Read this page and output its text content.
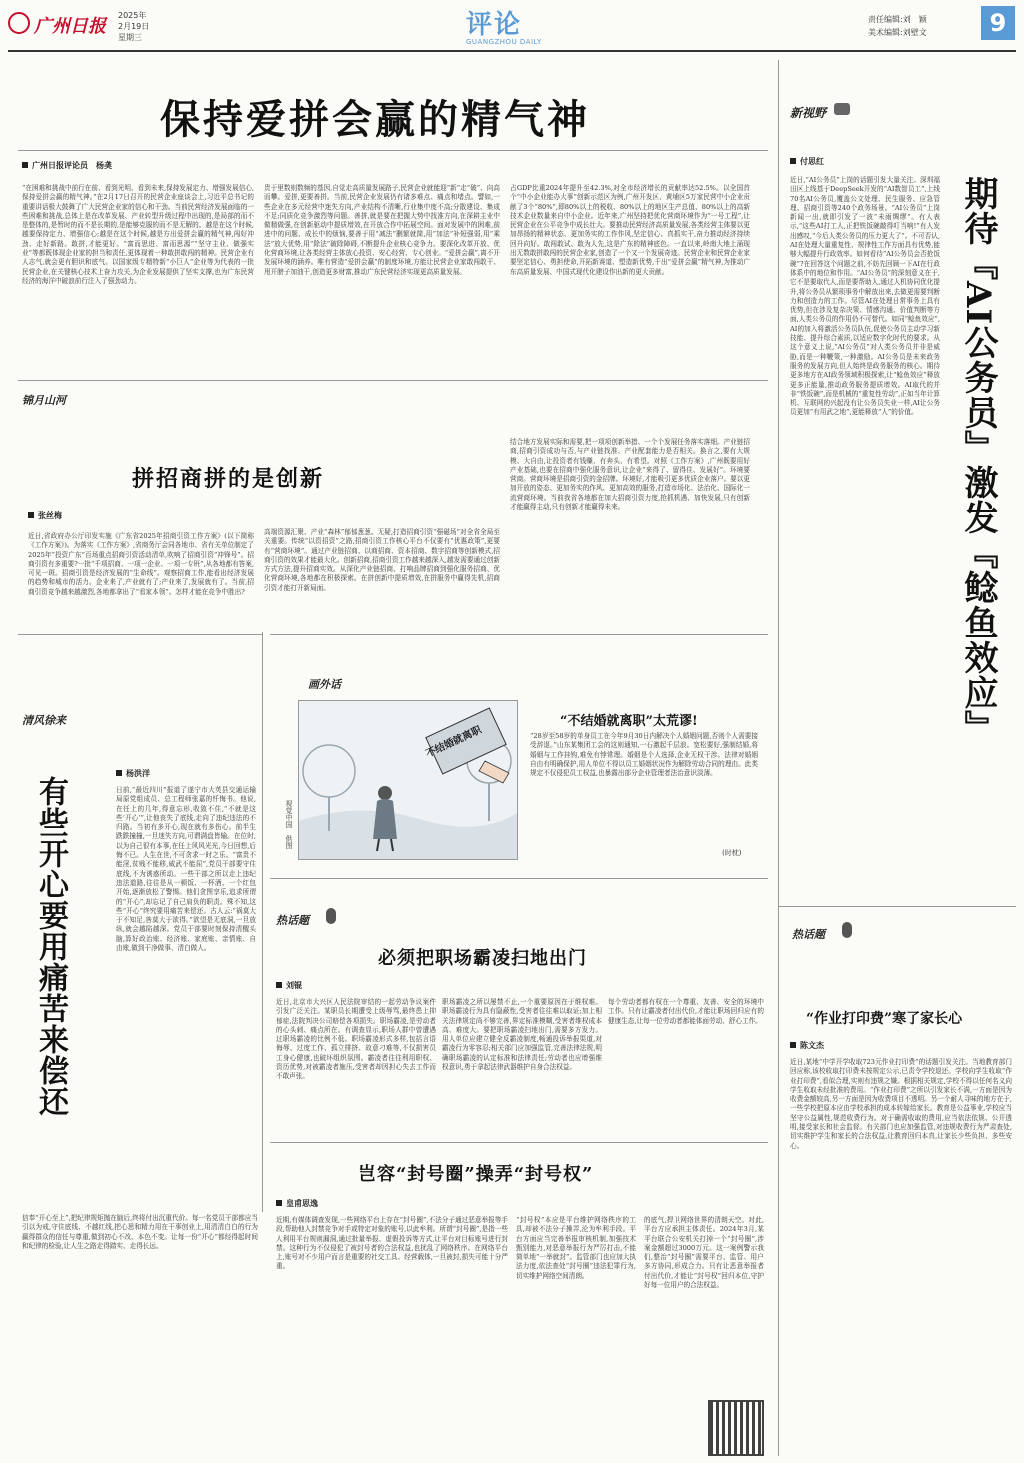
广州日报
2025年
2月19日
星期三	评论
GUANGZHOU DAILY
责任编辑:刘　颖
美术编辑:刘壁文	9
保持爱拼会赢的精气神
广州日报评论员　杨䶮
“在困难和挑战中前行在前、看到光明、看到未来,保持发展定力、增强发展信心,保持爱拼会赢的精气神。”在2月17日召开的民营企业座谈会上,习近平总书记的重要讲话极大鼓舞了广大民营企业家的信心和干劲。当前民营经济发展面临的一些困难和挑战,总体上是在改革发展、产业转型升级过程中出现的,是局部的而不是整体的,是暂时的而不是长期的,是能够克服的而不是无解的。越是在这个时候,越要保持定力、增强信心;越是在这个时候,越是方出爱拼会赢的精气神,闯好冲劲、走好新路。敢拼,才能更好。“富而思进、富而思源”“坚守主业、做强实业”等都既体现企业家的担当和责任,更体现着一种敢拼敢闯的精神。民营企业有人志气,就会更有胆识和底气。以国家级专精特新“小巨人”企业等为代表的一批民营企业,在关键核心技术上奋力攻关,为企业发展提供了坚实支撑,也为广东民营经济的海洋中破浪前行注入了强劲动力。
贵于里数则数频的基因,自觉走高质量发展路子,民营企业就能迎“新”走“破”、向高而攀。爱拼,更要善拼。当前,民营企业发展仍有诸多难点、痛点和堵点。譬如,一些企业在多元经营中迷失方向,产业结构不清晰,行业集中度不高;分散建设、集成不足;同质化竞争激烈等问题。善拼,就是要在把握大势中找准方向,在深耕主业中做精做强,在创新驱动中提质增效,在开放合作中拓展空间。面对发展中的困难,前进中的问题、成长中的烦恼,要善于用“减法”删繁就简,用“加法”补短强弱,用“乘法”放大优势,用“除法”破除障碍,不断提升企业核心竞争力。要深化改革开放、优化营商环境,让各类经营主体放心投资、安心经营、专心创业。“爱拼会赢”,离不开发展环境的涵养。唯有营造“爱拼会赢”的制度环境,方能让民营企业家敢闯敢干、甩开膀子加油干,创造更多财富,推动广东民营经济实现更高质量发展。
占GDP比重2024年提升至42.3%,对全市经济增长的贡献率达52.5%。以全国首个“中小企业能办大事”创新示范区为例,广州开发区、黄埔区5万家民营中小企业贡献了3个“80%”,即80%以上的税收、80%以上的地区生产总值、80%以上的高新技术企业数量来自中小企业。近年来,广州坚持把优化营商环境作为“一号工程”,让民营企业在公平竞争中成长壮大。要推动民营经济高质量发展,各类经营主体要以更加昂扬的精神状态、更加务实的工作作风,坚定信心、真抓实干,奋力推动经济持续回升向好。敢闯敢试、敢为人先,这是广东的精神底色。一直以来,岭南大地上涌现出无数敢拼敢闯的民营企业家,创造了一个又一个发展奇迹。民营企业和民营企业家要坚定信心、勇担使命,开拓新赛道、塑造新优势,千出“爱拼会赢”精气神,为推动广东高质量发展、中国式现代化建设作出新的更大贡献。
新视野
付思红
近日,“AI公务员”上岗的话题引发大量关注。深圳福田区上线基于DeepSeek开发的“AI数智员工”,上线70名AI公务员,覆盖公文处理、民生服务、应急管理、招商引资等240个政务场景。“AI公务员”上岗新闻一出,就即引发了一波“未雨绸缪”。有人表示,“这些AI打工人,正把铁饭碗敲得叮当响!”有人发出感叹,“今后人类公务员的压力更大了”。不可否认,AI在处理大量重复性、规律性工作方面具有优势,能够大幅提升行政效率。如何看待“AI公务员会否抢饭碗”?在回答这个问题之前,不妨先回顾一下AI在行政体系中的地位和作用。“AI公务员”的深刻意义在于,它不是要取代人,而是要帮助人,通过人机协同优化提升,将公务员从繁琐事务中解放出来,去做更需要判断力和创造力的工作。尽管AI在处理日常事务上具有优势,但在涉及复杂决策、情感沟通、价值判断等方面,人类公务员的作用仍不可替代。如同“鲶鱼效应”,AI的加入将激活公务员队伍,促使公务员主动学习新技能、提升综合素质,以适应数字化时代的要求。从这个意义上说,“AI公务员”对人类公务员并非是威胁,而是一种鞭策,一种激励。AI公务员是未来政务服务的发展方向,但人始终是政务服务的核心。期待更多地方在AI政务领域积极探索,让“鲶鱼效应”释放更多正能量,推动政务服务提质增效。AI取代的并非“铁饭碗”,而是机械的“重复性劳动”,正如当年计算机、互联网的兴起没有让公务员失业一样,AI让公务员更加“有用武之地”,更能释放“人”的价值。	期待『AI公务员』激发『鲶鱼效应』
锦月山河
拼招商拼的是创新
张丝梅
近日,省政府办公厅印发实施《广东省2025年招商引资工作方案》(以下简称《工作方案》)。为落实《工作方案》,省商务厅会同各地市、省有关单位制定了2025年“投资广东”百场重点招商引资活动清单,吹响了招商引资“冲锋号”。招商引资有多重要?一批“千项招商、一项一企业、一项一专班”,从各地都有答案,可见一斑。招商引资是经济发展的“生命线”。观察招商工作,能看出经济发展的趋势和城市的活力。企业来了,产业就有了;产业来了,发展就有了。当前,招商引资竞争越来越激烈,各地都拿出了“看家本领”。怎样才能在竞争中胜出?
高端资源汇聚、产业“森林”郁郁葱葱。无疑,打造招商引资“强磁场”对全省全局至关重要。传统“以资招资”之路,招商引资工作核心平台不仅要有“优惠政策”,更要有“营商环境”。通过产业链招商、以商招商、资本招商、数字招商等创新模式,招商引资的效果才能最大化。创新招商,招商引资工作越来越深入,越发需要通过创新方式方法,提升招商实效。从深化产业链招商、打响品牌招商到强化服务招商、优化营商环境,各地都在积极探索。在拼创新中提质增效,在拼服务中赢得先机,招商引资才能打开新局面。
结合地方发展实际和需要,把一项项创新举措、一个个发展任务落实落细。产业链招商,招商引资成功与否,与产业链找准、产业配套能力是否相关。换言之,要有大规模、大自由,让投资者有钱赚、有奔头、有希望。对照《工作方案》,广州既要用好产业基础,也要在招商中强化服务意识,让企业“来得了、留得住、发展好”。环境要营商。营商环境是招商引资的金招牌。环境好,才能吸引更多优质企业落户。要以更加开放的姿态、更加务实的作风、更加高效的服务,打造市场化、法治化、国际化一流营商环境。当前我省各地都在加大招商引资力度,抢抓机遇、加快发展,只有创新才能赢得主动,只有创新才能赢得未来。
画外话
不结婚就离职
视觉中国　供图
“不结婚就离职”太荒谬!
“28岁至58岁的单身员工在今年9月30日内解决个人婚姻问题,否则个人需要接受辞退。”山东某集团工会的这则通知,一石激起千层浪。宽松要好,强制结婚,将婚姻与工作挂钩,难免有悖常理。婚姻是个人选择,企业无权干涉。法律对婚姻自由有明确保护,用人单位不得以员工婚姻状况作为解除劳动合同的理由。此类规定不仅侵犯员工权益,也暴露出部分企业管理者法治意识淡薄。
(时枕)
热话题
必须把职场霸凌扫地出门
刘锟
近日,北京市大兴区人民法院审结的一起劳动争议案件引发广泛关注。某职员长期遭受上级辱骂,最终患上抑郁症,法院判决公司赔偿各项损失。职场霸凌,是劳动者的心头刺、痛点所在。有调查显示,职场人群中曾遭遇过职场霸凌的比例不低。职场霸凌形式多样,包括言语侮辱、过度工作、孤立排挤、故意刁难等,不仅损害员工身心健康,也破坏组织氛围。霸凌者往往利用职权、资历优势,对被霸凌者施压,受害者却因担心失去工作而不敢声张。
职场霸凌之所以屡禁不止,一个重要原因在于维权难。职场霸凌行为具有隐蔽性,受害者往往难以取证;加上相关法律规定尚不够完善,界定标准模糊,受害者维权成本高、难度大。要把职场霸凌扫地出门,需要多方发力。用人单位应建立健全反霸凌制度,畅通投诉举报渠道,对霸凌行为零容忍;相关部门应加强监管,完善法律法规,明确职场霸凌的认定标准和法律责任;劳动者也应增强维权意识,勇于拿起法律武器维护自身合法权益。
每个劳动者都有权在一个尊重、友善、安全的环境中工作。只有让霸凌者付出代价,才能让职场回归应有的健康生态,让每一位劳动者都能体面劳动、舒心工作。
岂容“封号圈”操弄“封号权”
皇甫思逸
近期,有媒体调查发现,一些网络平台上存在“封号圈”,不法分子通过恶意举报等手段,帮助他人封禁竞争对手或特定对象的账号,以此牟利。所谓“封号圈”,是指一些人利用平台规则漏洞,通过批量举报、虚假投诉等方式,让平台对目标账号进行封禁。这种行为不仅侵犯了被封号者的合法权益,也扰乱了网络秩序。在网络平台上,账号对不少用户而言是重要的社交工具、经营载体,一旦被封,损失可能十分严重。
“封号权”本应是平台维护网络秩序的工具,却被不法分子操弄,沦为牟利手段。平台方面应当完善举报审核机制,加强技术甄别能力,对恶意举报行为严厉打击,不能简单地“一举就封”。监管部门也应加大执法力度,依法查处“封号圈”违法犯罪行为,切实维护网络空间清朗。
的底气,捍卫网络世界的清朗天空。对此,平台方应承担主体责任。2024年3月,某平台联合公安机关打掉一个“封号圈”,涉案金额超过3000万元。这一案例警示我们,整治“封号圈”需要平台、监管、用户多方协同,形成合力。只有让恶意举报者付出代价,才能让“封号权”回归本位,守护好每一位用户的合法权益。
清风徐来
有些开心要用痛苦来偿还
杨洪洋
日前,“最近四川”报道了遂宁市大英县交通运输局原党组成员、总工程师张嘉的忏悔书。他说,在任上的几年,得意忘形,收敛不住,“不就是这些‘开心’”,让他丧失了底线,走向了违纪违法的不归路。当初有多开心,现在就有多伤心。前半生跌跌撞撞,一旦迷失方向,可谓满盘皆输。在位时,以为自己很有本事,在任上风风光光,今日回想,后悔不已。人生在世,不可贪求一时之乐。“富贵不能淫,贫贱不能移,威武不能屈”,党员干部要守住底线,不为诱惑所动。一些干部之所以走上违纪违法道路,往往是从一顿饭、一杯酒、一个红包开始,逐渐放松了警惕。他们贪图享乐,追求所谓的“开心”,却忘记了自己肩负的职责。殊不知,这些“开心”终究要用痛苦来偿还。古人云:“祸莫大于不知足,咎莫大于欲得。”欲望是无底洞,一旦放纵,就会越陷越深。党员干部要时刻保持清醒头脑,算好政治账、经济账、家庭账、亲情账、自由账,做到干净做事、清白做人。
信奉“开心至上”,把纪律规矩抛在脑后,终将付出沉重代价。每一名党员干部都应当引以为戒,守住底线、不越红线,把心思和精力用在干事创业上,用清清白白的行为赢得群众的信任与尊重,做到初心不改、本色不变。让每一份“开心”都经得起时间和纪律的检验,让人生之路走得踏实、走得长远。
热话题
“作业打印费”寒了家长心
陈文杰
近日,某地“中学开学收取723元作业打印费”的话题引发关注。当地教育部门回应称,该校收取打印费未按规定公示,已责令学校退还。学校向学生收取“作业打印费”,看似合理,实则有违规之嫌。根据相关规定,学校不得以任何名义向学生收取未经批准的费用。“作业打印费”之所以引发家长不满,一方面是因为收费金额较高,另一方面是因为收费项目不透明。另一个耐人寻味的地方在于,一些学校把原本应由学校承担的成本转嫁给家长。教育是公益事业,学校应当坚守公益属性,规范收费行为。对于确需收取的费用,应当依法依规、公开透明,接受家长和社会监督。有关部门也应加强监管,对违规收费行为严肃查处,切实维护学生和家长的合法权益,让教育回归本真,让家长少些负担、多些安心。
